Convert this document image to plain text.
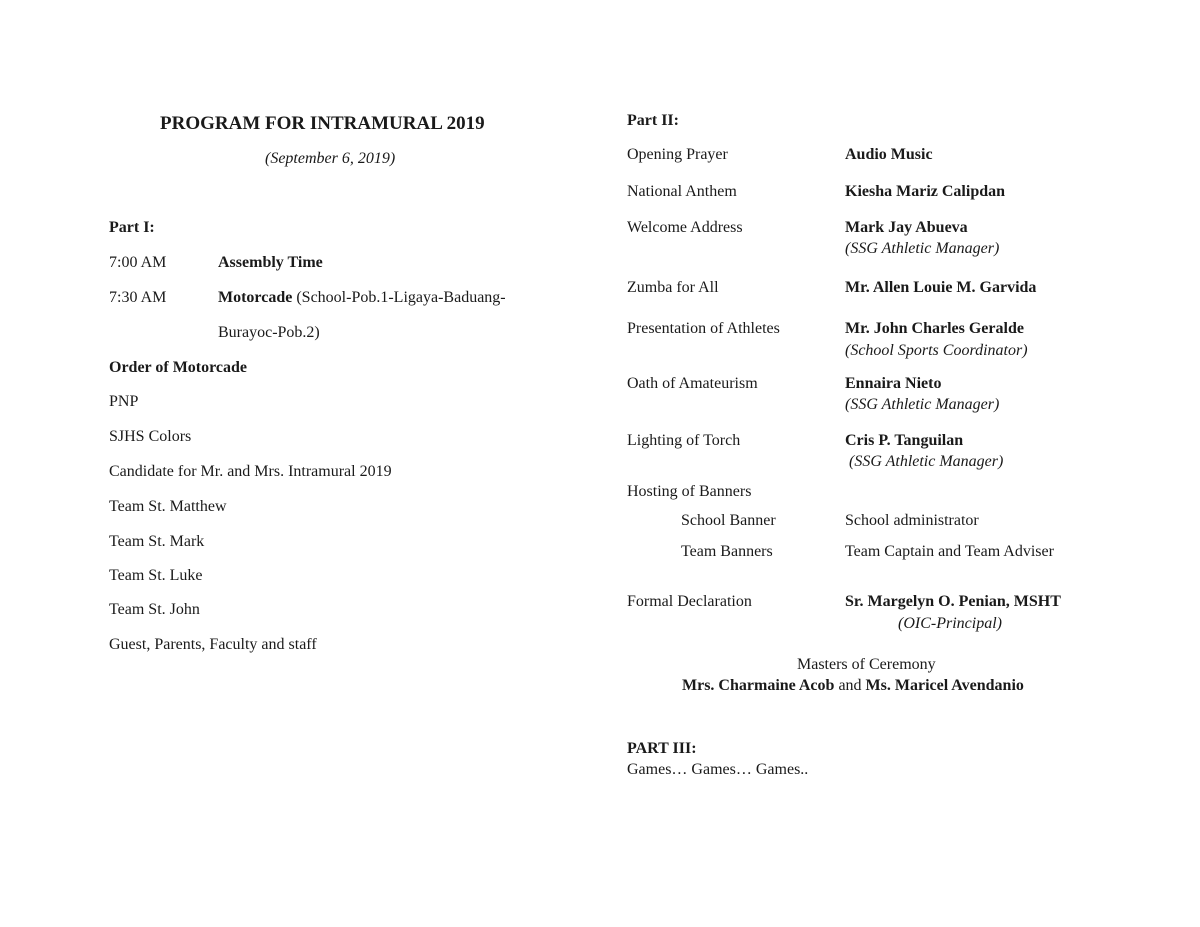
PROGRAM FOR INTRAMURAL 2019
(September 6, 2019)
Part I:
7:00 AM	Assembly Time
7:30 AM	Motorcade (School-Pob.1-Ligaya-Baduang-
Burayoc-Pob.2)
Order of Motorcade
PNP
SJHS Colors
Candidate for Mr. and Mrs. Intramural 2019
Team St. Matthew
Team St. Mark
Team St. Luke
Team St. John
Guest, Parents, Faculty and staff
Part II:
Opening Prayer	Audio Music
National Anthem	Kiesha Mariz Calipdan
Welcome Address	Mark Jay Abueva
(SSG Athletic Manager)
Zumba for All	Mr. Allen Louie M. Garvida
Presentation of Athletes	Mr. John Charles Geralde
(School Sports Coordinator)
Oath of Amateurism	Ennaira Nieto
(SSG Athletic Manager)
Lighting of Torch	Cris P. Tanguilan
(SSG Athletic Manager)
Hosting of Banners
School Banner	School administrator
Team Banners	Team Captain and Team Adviser
Formal Declaration	Sr. Margelyn O. Penian, MSHT
(OIC-Principal)
Masters of Ceremony
Mrs. Charmaine Acob and Ms. Maricel Avendanio
PART III:
Games… Games… Games..
